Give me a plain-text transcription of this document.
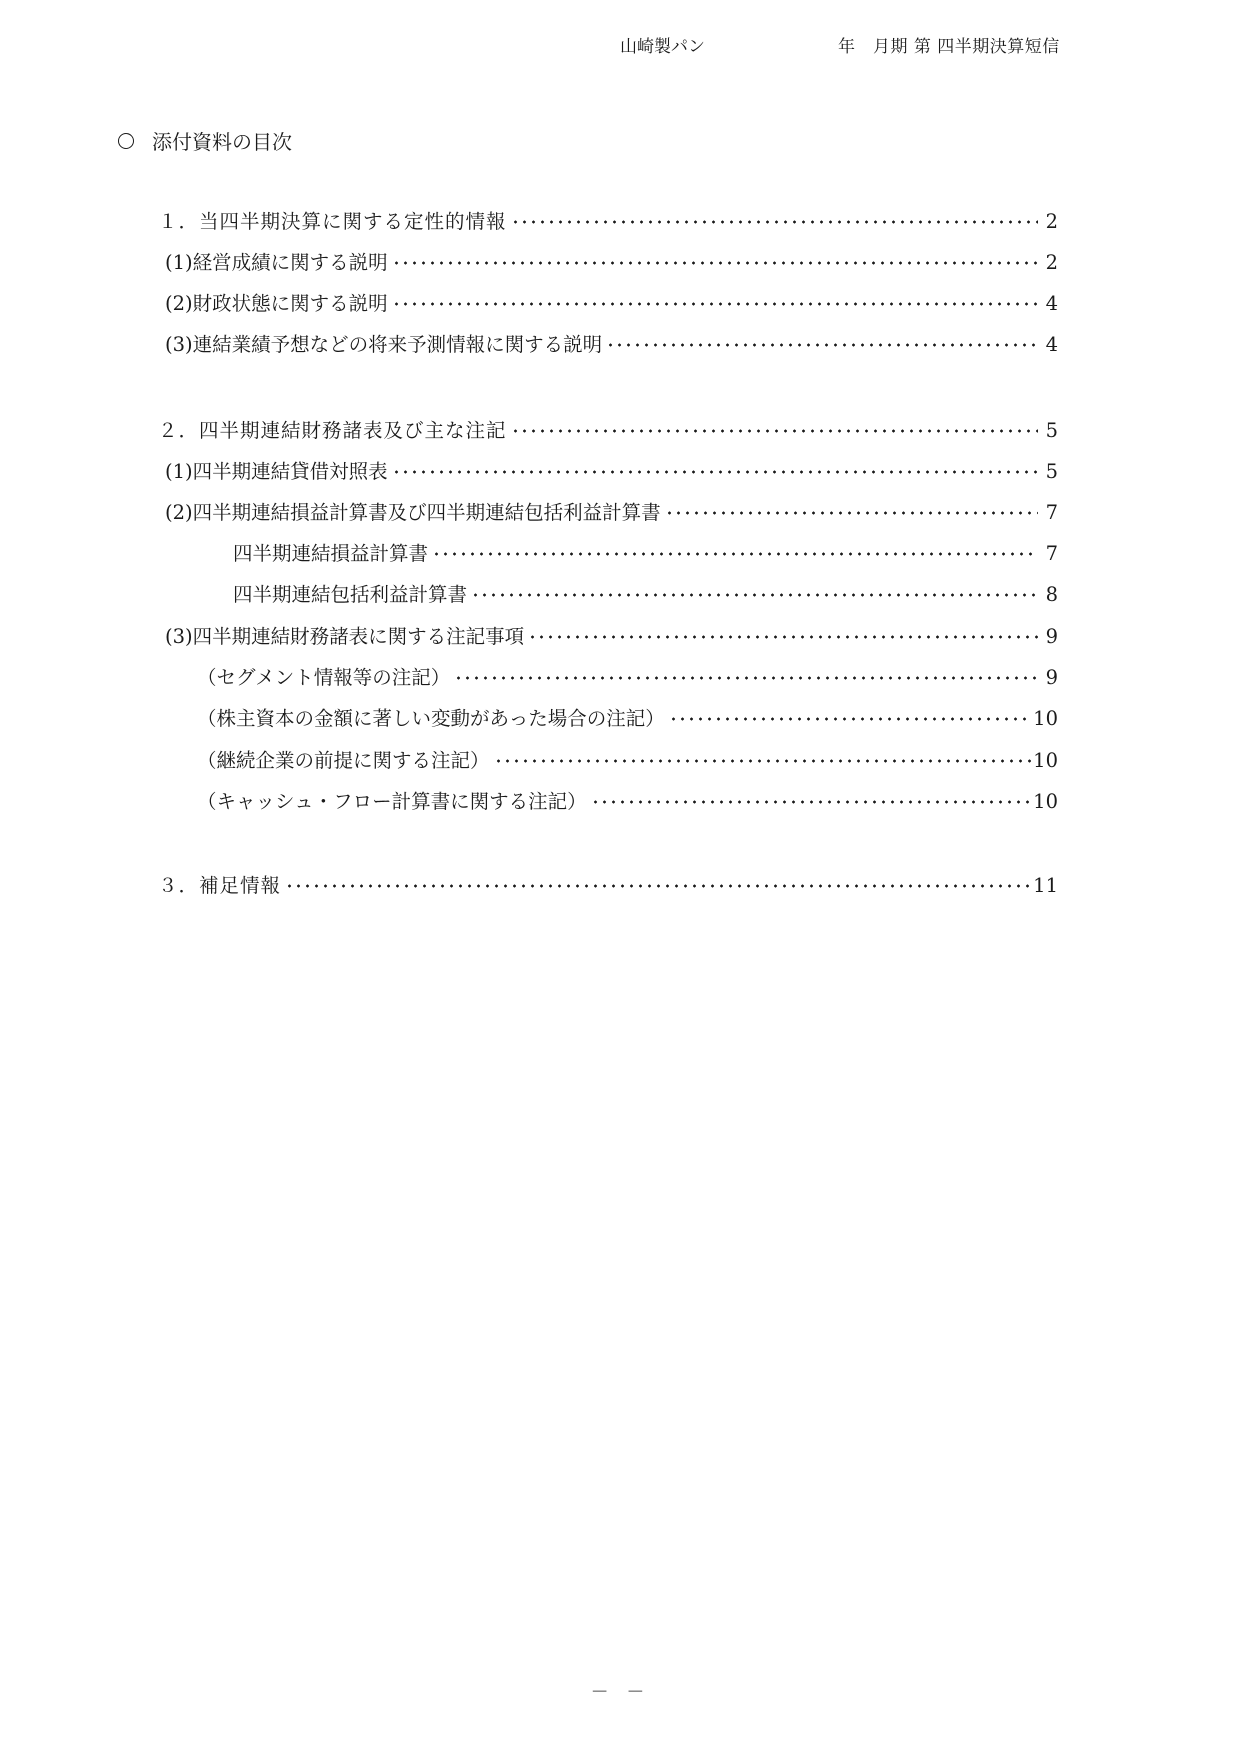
山崎製パン	年　月期 第 四半期決算短信
添付資料の目次
１．当四半期決算に関する定性的情報	2
(1)経営成績に関する説明	2
(2)財政状態に関する説明	4
(3)連結業績予想などの将来予測情報に関する説明	4
２．四半期連結財務諸表及び主な注記	5
(1)四半期連結貸借対照表	5
(2)四半期連結損益計算書及び四半期連結包括利益計算書	7
四半期連結損益計算書	7
四半期連結包括利益計算書	8
(3)四半期連結財務諸表に関する注記事項	9
（セグメント情報等の注記）	9
（株主資本の金額に著しい変動があった場合の注記）	10
（継続企業の前提に関する注記）	10
（キャッシュ・フロー計算書に関する注記）	10
３．補足情報	11
－ －
